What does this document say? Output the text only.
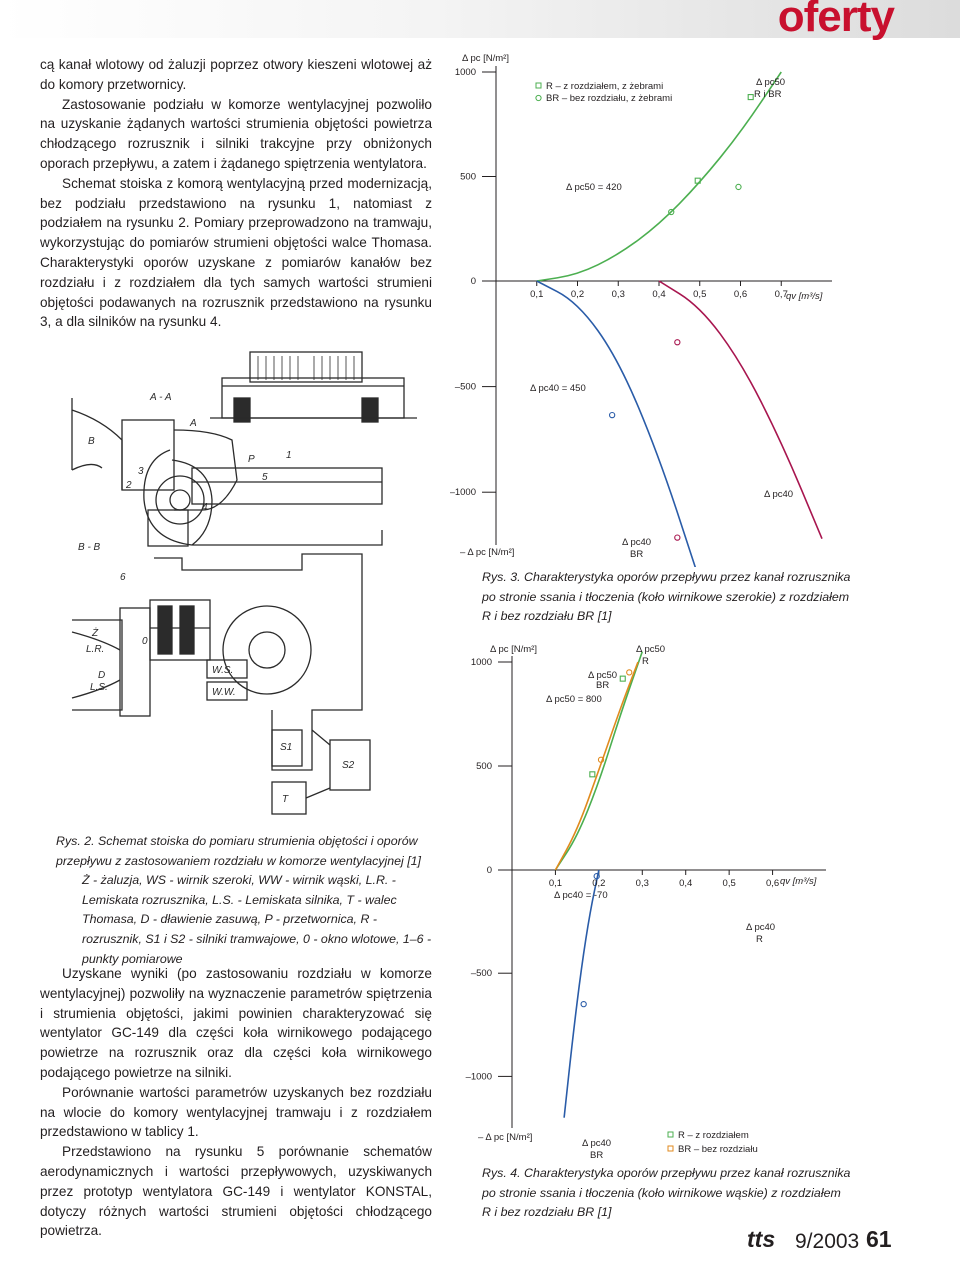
oferty

cą kanał wlotowy od żaluzji poprzez otwory kieszeni wlotowej aż do komory przetwornicy.

Zastosowanie podziału w komorze wentylacyjnej pozwoliło na uzyskanie żądanych wartości strumienia objętości powietrza chłodzącego rozrusznik i silniki trakcyjne przy obniżonych oporach przepływu, a zatem i żądanego spiętrzenia wentylatora.

Schemat stoiska z komorą wentylacyjną przed modernizacją, bez podziału przedstawiono na rysunku 1, natomiast z podziałem na rysunku 2. Pomiary przeprowadzono na tramwaju, wykorzystując do pomiarów strumieni objętości walce Thomasa. Charakterystyki oporów uzyskane z pomiarów kanałów bez rozdziału i z rozdziałem dla tych samych wartości strumieni objętości podawanych na rozrusznik przedstawiono na rysunku 3, a dla silników na rysunku 4.

A - A
B - B
B
A
3
2
P
5
1
6
4
Ż
L.R.
L.S.
D	W.S.
W.W.
S1
S2
T
0
Rys. 2. Schemat stoiska do pomiaru strumienia objętości i oporów przepływu z zastosowaniem rozdziału w komorze wentylacyjnej [1]
Ż - żaluzja, WS - wirnik szeroki, WW - wirnik wąski, L.R. - Lemiskata rozrusznika, L.S. - Lemiskata silnika, T - walec Thomasa, D - dławienie zasuwą, P - przetwornica, R - rozrusznik, S1 i S2 - silniki tramwajowe, 0 - okno wlotowe, 1–6 - punkty pomiarowe

Uzyskane wyniki (po zastosowaniu rozdziału w komorze wentylacyjnej) pozwoliły na wyznaczenie parametrów spiętrzenia i strumienia objętości, jakimi powinien charakteryzować się wentylator GC-149 dla części koła wirnikowego podającego powietrze na rozrusznik oraz dla części koła wirnikowego podającego powietrze na silniki.

Porównanie wartości parametrów uzyskanych bez rozdziału na wlocie do komory wentylacyjnej tramwaju i z rozdziałem przedstawiono w tablicy 1.

Przedstawiono na rysunku 5 porównanie schematów aerodynamicznych i wartości przepływowych, uzyskiwanych przez prototyp wentylatora GC-149 i wentylator KONSTAL, dotyczy różnych wartości strumieni objętości chłodzącego powietrza.

1000
500
0
–500
–1000
0,1	0,2	0,3	0,4	0,5	0,6	0,7
Δ pc [N/m²]
– Δ pc [N/m²]
qv [m³/s]
R – z rozdziałem, z żebrami
BR – bez rozdziału, z żebrami
Δ pc50
R i BR
Δ pc50 = 420
Δ pc40 = 450
Δ pc40
Δ pc40
BR
Rys. 3. Charakterystyka oporów przepływu przez kanał rozrusznika po stronie ssania i tłoczenia (koło wirnikowe szerokie) z rozdziałem R i bez rozdziału BR [1]
1000
500
0
–500
–1000
0,1	0,2	0,3	0,4	0,5	0,6
Δ pc [N/m²]
– Δ pc [N/m²]
qv [m³/s]
Δ pc50
R
Δ pc50
BR
Δ pc50 = 800
Δ pc40 = -70
Δ pc40
R
Δ pc40
BR
R – z rozdziałem
BR – bez rozdziału
Rys. 4. Charakterystyka oporów przepływu przez kanał rozrusznika po stronie ssania i tłoczenia (koło wirnikowe wąskie) z rozdziałem R i bez rozdziału BR [1]
tts 9/2003 61
